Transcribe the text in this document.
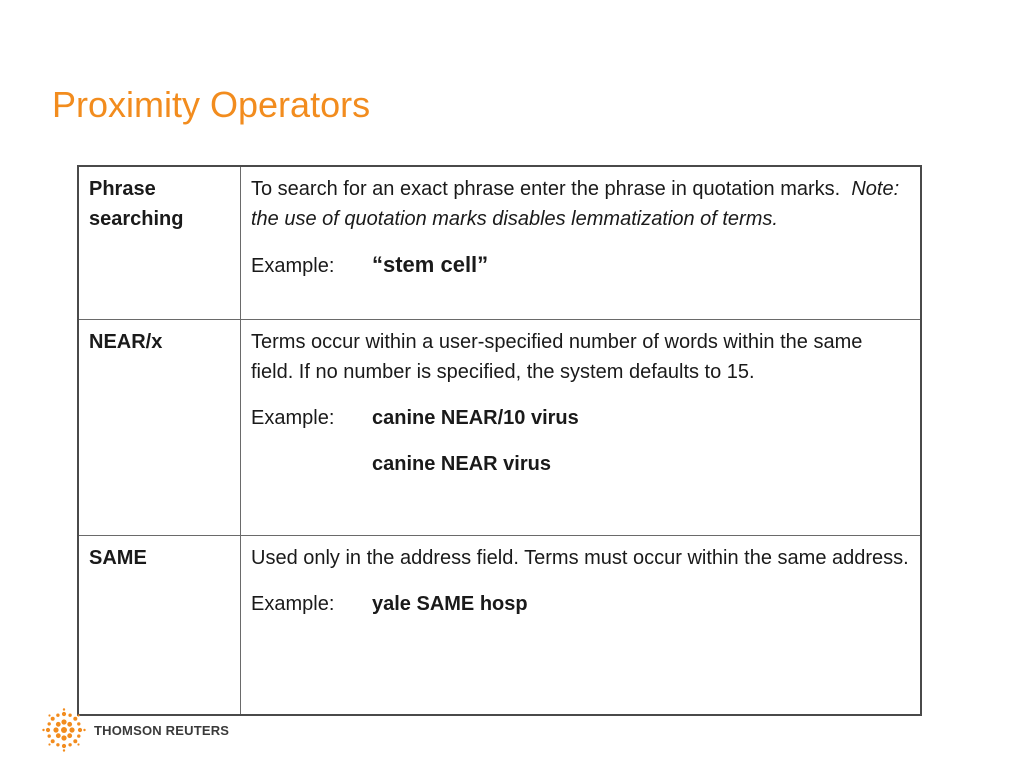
Proximity Operators
Phrase searching	To search for an exact phrase enter the phrase in quotation marks. Note: the use of quotation marks disables lemmatization of terms.

Example: “stem cell”

NEAR/x	Terms occur within a user-specified number of words within the same field. If no number is specified, the system defaults to 15.

Example: canine NEAR/10 virus

canine NEAR virus

SAME	Used only in the address field. Terms must occur within the same address.

Example: yale SAME hosp

THOMSON REUTERS
